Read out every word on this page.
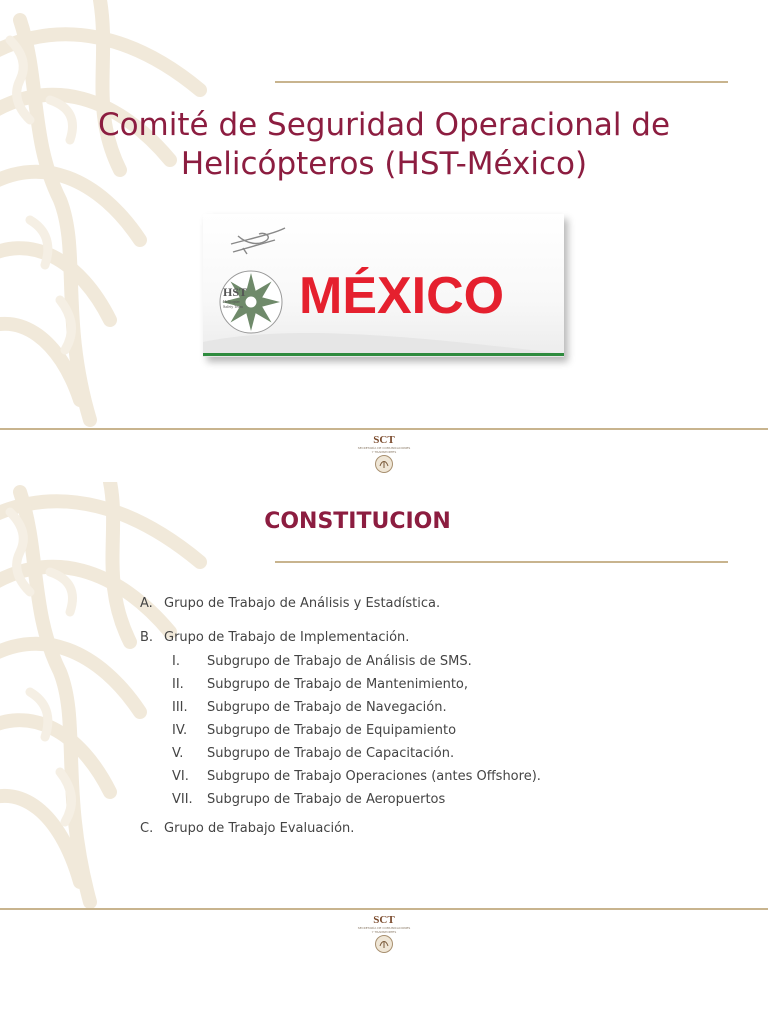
Comité de Seguridad Operacional de
Helicópteros (HST-México)
HST
Helicopter
Safety Team	MÉXICO
SCT
SECRETARÍA DE COMUNICACIONES
Y TRANSPORTES
CONSTITUCION
A. Grupo de Trabajo de Análisis y Estadística.
B. Grupo de Trabajo de Implementación.
I.	Subgrupo de Trabajo de Análisis de SMS.
II.	Subgrupo de Trabajo de Mantenimiento,
III.	Subgrupo de Trabajo de Navegación.
IV.	Subgrupo de Trabajo de Equipamiento
V.	Subgrupo de Trabajo de Capacitación.
VI.	Subgrupo de Trabajo Operaciones (antes Offshore).
VII.	Subgrupo de Trabajo de Aeropuertos
C. Grupo de Trabajo Evaluación.
SCT
SECRETARÍA DE COMUNICACIONES
Y TRANSPORTES
